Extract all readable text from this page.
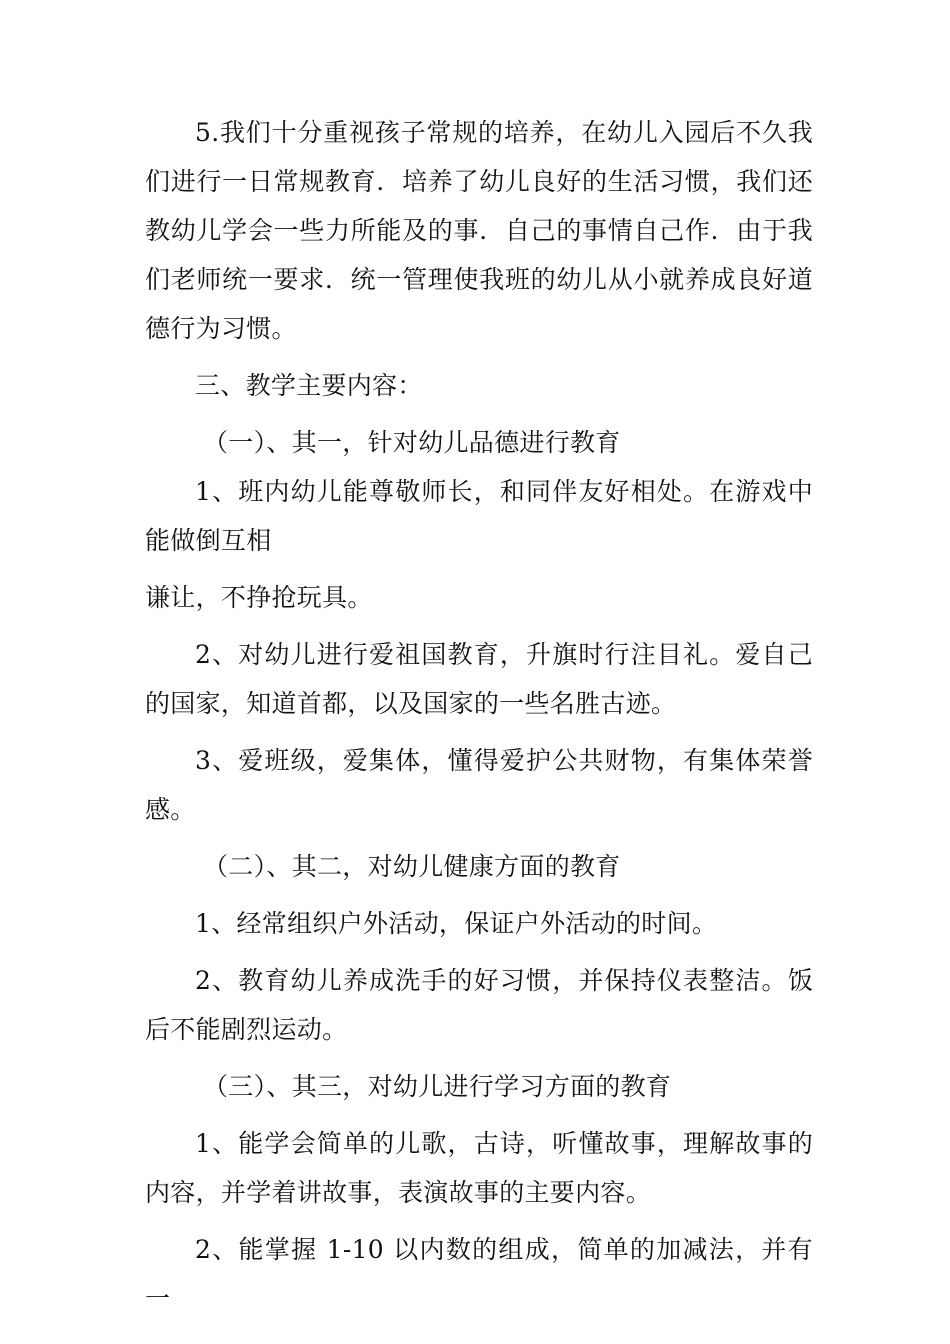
5.我们十分重视孩子常规的培养，在幼儿入园后不久我们进行一日常规教育．培养了幼儿良好的生活习惯，我们还教幼儿学会一些力所能及的事．自己的事情自己作．由于我们老师统一要求．统一管理使我班的幼儿从小就养成良好道德行为习惯。

三、教学主要内容：

（一）、其一，针对幼儿品德进行教育

1、班内幼儿能尊敬师长，和同伴友好相处。在游戏中能做倒互相

谦让，不挣抢玩具。

2、对幼儿进行爱祖国教育，升旗时行注目礼。爱自己的国家，知道首都，以及国家的一些名胜古迹。

3、爱班级，爱集体，懂得爱护公共财物，有集体荣誉感。

（二）、其二，对幼儿健康方面的教育

1、经常组织户外活动，保证户外活动的时间。

2、教育幼儿养成洗手的好习惯，并保持仪表整洁。饭后不能剧烈运动。

（三）、其三，对幼儿进行学习方面的教育

1、能学会简单的儿歌，古诗，听懂故事，理解故事的内容，并学着讲故事，表演故事的主要内容。

2、能掌握 1-10 以内数的组成，简单的加减法，并有一
